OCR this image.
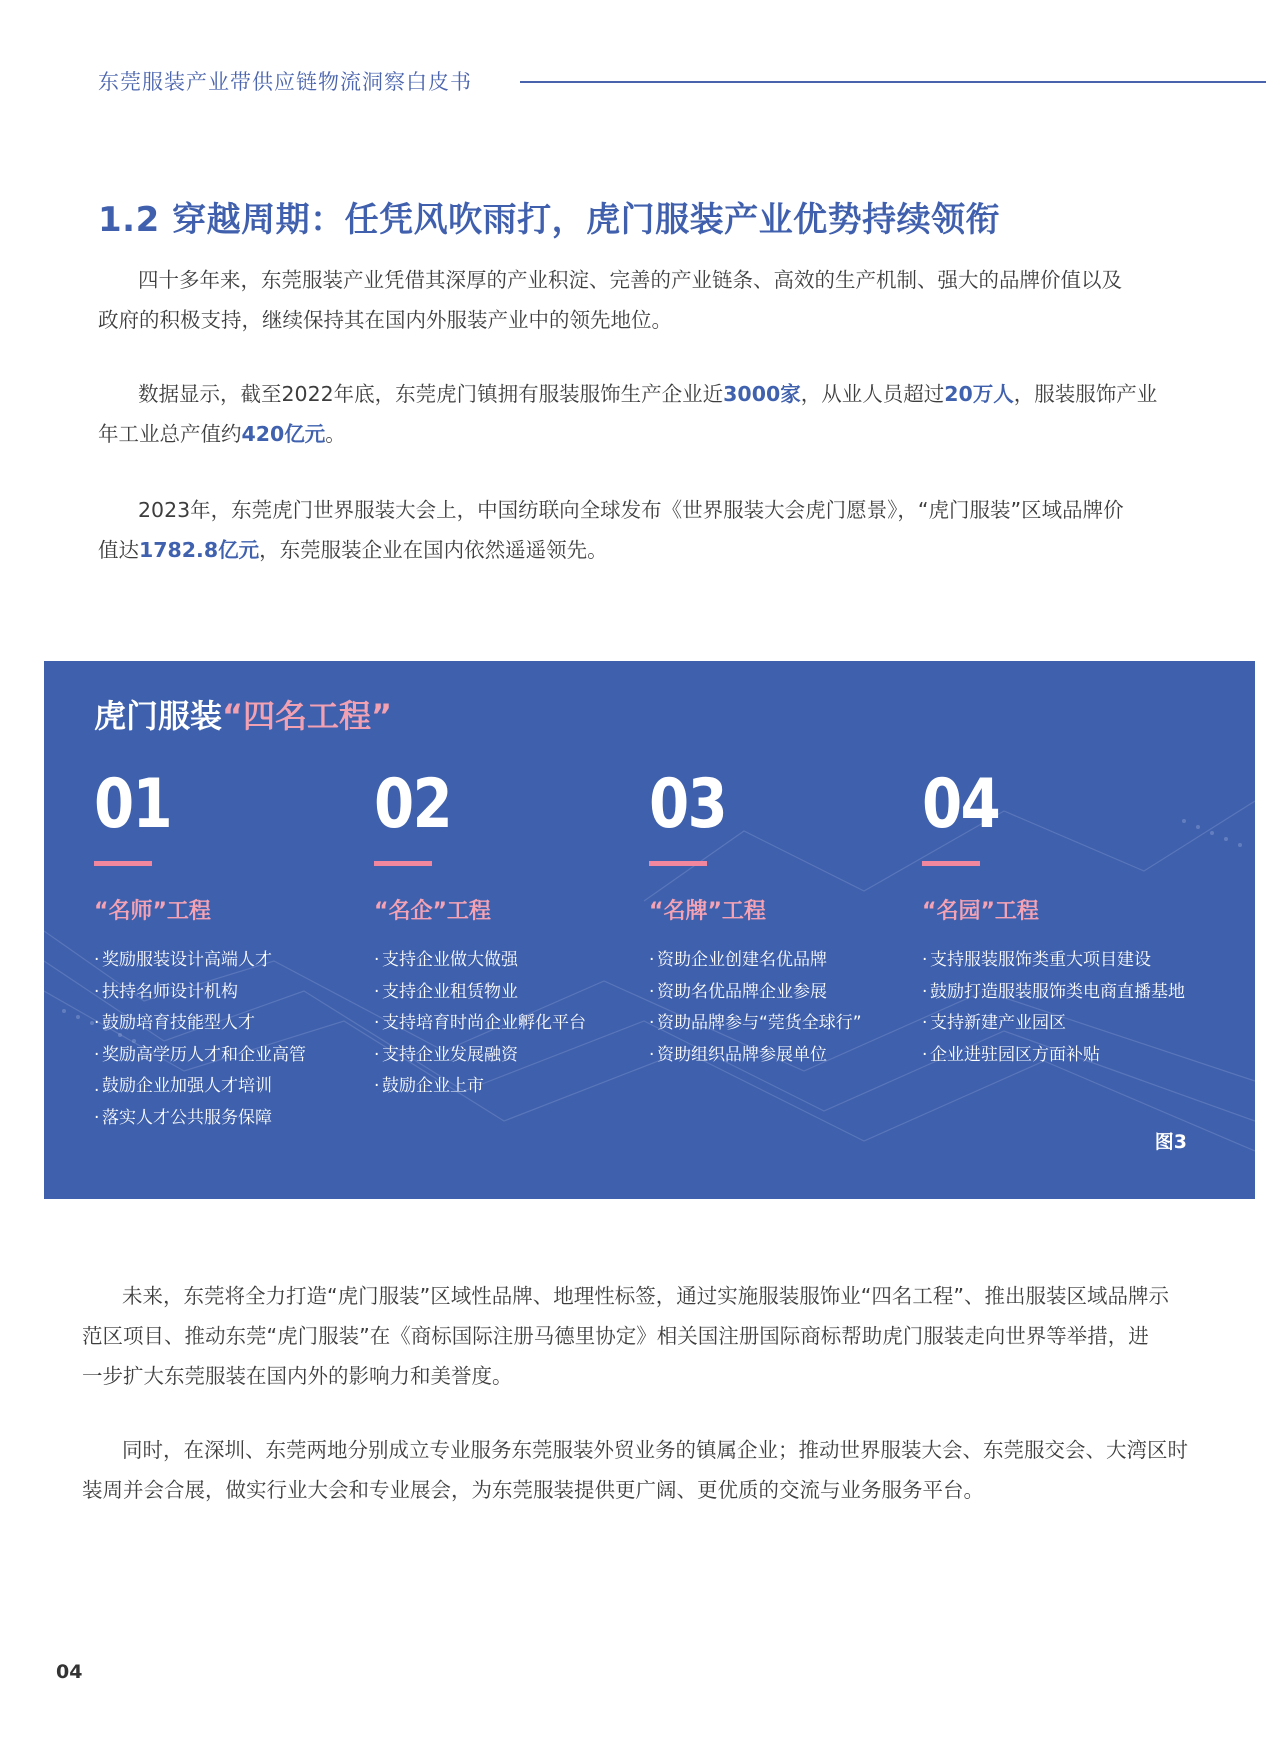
东莞服装产业带供应链物流洞察白皮书
1.2 穿越周期：任凭风吹雨打，虎门服装产业优势持续领衔

四十多年来，东莞服装产业凭借其深厚的产业积淀、完善的产业链条、高效的生产机制、强大的品牌价值以及
政府的积极支持，继续保持其在国内外服装产业中的领先地位。

数据显示，截至2022年底，东莞虎门镇拥有服装服饰生产企业近3000家，从业人员超过20万人，服装服饰产业
年工业总产值约420亿元。

2023年，东莞虎门世界服装大会上，中国纺联向全球发布《世界服装大会虎门愿景》，“虎门服装”区域品牌价
值达1782.8亿元，东莞服装企业在国内依然遥遥领先。

虎门服装“四名工程”
01
“名师”工程
· 奖励服装设计高端人才
· 扶持名师设计机构
· 鼓励培育技能型人才
· 奖励高学历人才和企业高管
. 鼓励企业加强人才培训
· 落实人才公共服务保障
02
“名企”工程
· 支持企业做大做强
· 支持企业租赁物业
· 支持培育时尚企业孵化平台
· 支持企业发展融资
· 鼓励企业上市
03
“名牌”工程
· 资助企业创建名优品牌
· 资助名优品牌企业参展
· 资助品牌参与“莞货全球行”
· 资助组织品牌参展单位
04
“名园”工程
· 支持服装服饰类重大项目建设
· 鼓励打造服装服饰类电商直播基地
· 支持新建产业园区
· 企业进驻园区方面补贴
图3

未来，东莞将全力打造“虎门服装”区域性品牌、地理性标签，通过实施服装服饰业“四名工程”、推出服装区域品牌示
范区项目、推动东莞“虎门服装”在《商标国际注册马德里协定》相关国注册国际商标帮助虎门服装走向世界等举措，进
一步扩大东莞服装在国内外的影响力和美誉度。

同时，在深圳、东莞两地分别成立专业服务东莞服装外贸业务的镇属企业；推动世界服装大会、东莞服交会、大湾区时
装周并会合展，做实行业大会和专业展会，为东莞服装提供更广阔、更优质的交流与业务服务平台。

04
